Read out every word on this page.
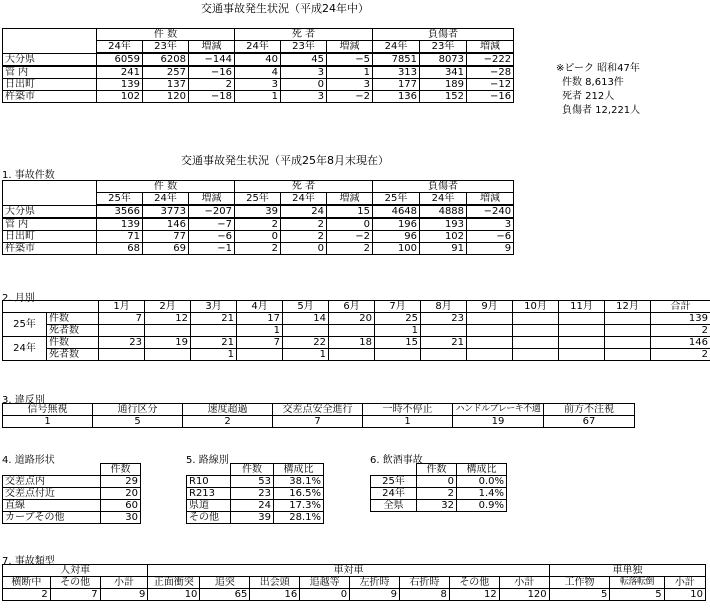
交通事故発生状況（平成24年中）
	件 数			死 者			負傷者		
	24年	23年	増減	24年	23年	増減	24年	23年	増減
大分県	6059	6208	−144	40	45	−5	7851	8073	−222
管 内	241	257	−16	4	3	1	313	341	−28
日出町	139	137	2	3	0	3	177	189	−12
杵築市	102	120	−18	1	3	−2	136	152	−16
※ピーク 昭和47年
件数 8,613件
死者 212人
負傷者 12,221人
交通事故発生状況（平成25年8月末現在）
1. 事故件数
	件 数			死 者			負傷者		
	25年	24年	増減	25年	24年	増減	25年	24年	増減
大分県	3566	3773	−207	39	24	15	4648	4888	−240
管 内	139	146	−7	2	2	0	196	193	3
日出町	71	77	−6	0	2	−2	96	102	−6
杵築市	68	69	−1	2	0	2	100	91	9
2. 月別
		1月	2月	3月	4月	5月	6月	7月	8月	9月	10月	11月	12月	合計
25年	件数	7	12	21	17	14	20	25	23					139
	死者数				1			1						2
24年	件数	23	19	21	7	22	18	15	21					146
	死者数			1		1								2
3. 違反別
信号無視	通行区分	速度超過	交差点安全進行	一時不停止	ハンドルブレーキ不適	前方不注視
1	5	2	7	1	19	67
4. 道路形状
	件数
交差点内	29
交差点付近	20
直線	60
カーブその他	30
5. 路線別
	件数	構成比
R10	53	38.1%
R213	23	16.5%
県道	24	17.3%
その他	39	28.1%
6. 飲酒事故
	件数	構成比
25年	0	0.0%
24年	2	1.4%
全県	32	0.9%
7. 事故類型
人対車			車対車								車単独		
横断中	その他	小計	正面衝突	追突	出会頭	追越等	左折時	右折時	その他	小計	工作物	転落転倒	小計
2	7	9	10	65	16	0	9	8	12	120	5	5	10
